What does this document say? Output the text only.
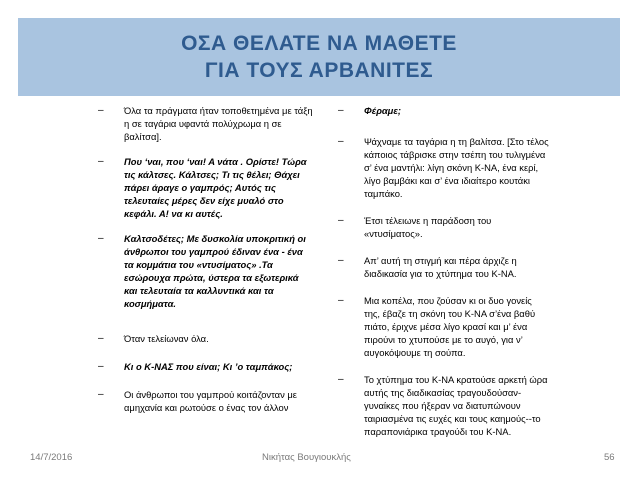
ΟΣΑ ΘΕΛΑΤΕ ΝΑ ΜΑΘΕΤΕ
ΓΙΑ ΤΟΥΣ ΑΡΒΑΝΙΤΕΣ
–	Όλα τα πράγματα ήταν τοποθετημένα με τάξη η σε ταγάρια υφαντά πολύχρωμα η σε βαλίτσα].
–	Που ‘ναι, που ‘ναι! Α νάτα . Ορίστε! Τώρα τις κάλτσες. Κάλτσες; Τι τις θέλει; Θάχει πάρει άραγε ο γαμπρός; Αυτός τις τελευταίες μέρες δεν είχε μυαλό στο κεφάλι. Α! να κι αυτές.
–	Καλτσοδέτες; Με δυσκολία υποκριτική οι άνθρωποι του γαμπρού έδιναν ένα - ένα τα κομμάτια του «ντυσίματος» .Τα εσώρουχα πρώτα, ύστερα τα εξωτερικά και τελευταία τα καλλυντικά και τα κοσμήματα.
–	Όταν τελείωναν όλα.
–	Κι ο Κ-ΝΑΣ που είναι; Κι ’ο ταμπάκος;
–	Οι άνθρωποι του γαμπρού κοιτάζονταν με αμηχανία και ρωτούσε ο ένας τον άλλον
–	Φέραμε;
–	Ψάχναμε τα ταγάρια η τη βαλίτσα. [Στο τέλος κάποιος τάβρισκε στην τσέπη του τυλιγμένα σ’ ένα μαντήλι: λίγη σκόνη Κ-ΝΑ, ένα κερί, λίγο βαμβάκι και σ’ ένα ιδιαίτερο κουτάκι ταμπάκο.
–	Έτσι τέλειωνε η παράδοση του «ντυσίματος».
–	Απ’ αυτή τη στιγμή και πέρα άρχιζε η διαδικασία για το χτύπημα του Κ-ΝΑ.
–	Μια κοπέλα, που ζούσαν κι οι δυο γονείς της, έβαζε τη σκόνη του Κ-ΝΑ σ’ένα βαθύ πιάτο, έριχνε μέσα λίγο κρασί και μ’ ένα πιρούνι το χτυπούσε με το αυγό, για ν’ αυγοκόψουμε τη σούπα.
–	Το χτύπημα του Κ-ΝΑ κρατούσε αρκετή ώρα αυτής της διαδικασίας τραγουδούσαν- γυναίκες που ήξεραν να διατυπώνουν ταιριασμένα τις ευχές και τους καημούς--το παραπονιάρικα τραγούδι του Κ-ΝΑ.
14/7/2016	Νικήτας Βουγιουκλής	56
